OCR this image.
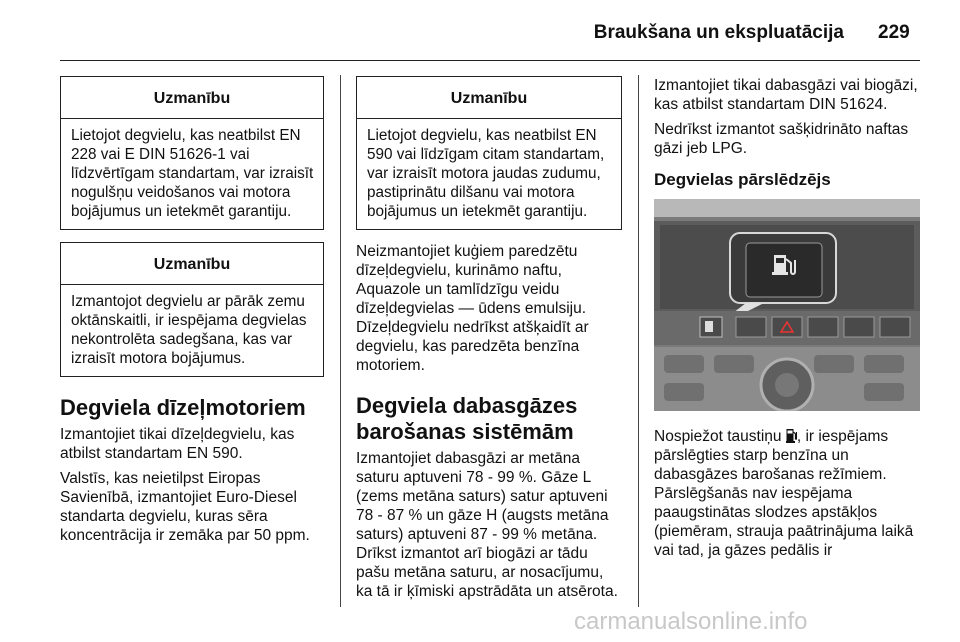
Braukšana un ekspluatācija 229
Uzmanību
Lietojot degvielu, kas neatbilst EN 228 vai E DIN 51626-1 vai līdzvērtīgam standartam, var izraisīt nogulšņu veidošanos vai motora bojājumus un ietekmēt garantiju.
Uzmanību
Izmantojot degvielu ar pārāk zemu oktānskaitli, ir iespējama degvielas nekontrolēta sadegšana, kas var izraisīt motora bojājumus.
Degviela dīzeļmotoriem

Izmantojiet tikai dīzeļdegvielu, kas atbilst standartam EN 590.

Valstīs, kas neietilpst Eiropas Savienībā, izmantojiet Euro-Diesel standarta degvielu, kuras sēra koncentrācija ir zemāka par 50 ppm.

Uzmanību
Lietojot degvielu, kas neatbilst EN 590 vai līdzīgam citam standartam, var izraisīt motora jaudas zudumu, pastiprinātu dilšanu vai motora bojājumus un ietekmēt garantiju.

Neizmantojiet kuģiem paredzētu dīzeļdegvielu, kurināmo naftu, Aquazole un tamlīdzīgu veidu dīzeļdegvielas — ūdens emulsiju. Dīzeļdegvielu nedrīkst atšķaidīt ar degvielu, kas paredzēta benzīna motoriem.

Degviela dabasgāzes barošanas sistēmām

Izmantojiet dabasgāzi ar metāna saturu aptuveni 78 - 99 %. Gāze L (zems metāna saturs) satur aptuveni 78 - 87 % un gāze H (augsts metāna saturs) aptuveni 87 - 99 % metāna. Drīkst izmantot arī biogāzi ar tādu pašu metāna saturu, ar nosacījumu, ka tā ir ķīmiski apstrādāta un atsērota.

Izmantojiet tikai dabasgāzi vai biogāzi, kas atbilst standartam DIN 51624.

Nedrīkst izmantot sašķidrināto naftas gāzi jeb LPG.

Degvielas pārslēdzējs

Nospiežot taustiņu , ir iespējams pārslēgties starp benzīna un dabasgāzes barošanas režīmiem. Pārslēgšanās nav iespējama paaugstinātas slodzes apstākļos (piemēram, strauja paātrinājuma laikā vai tad, ja gāzes pedālis ir

carmanualsonline.info
